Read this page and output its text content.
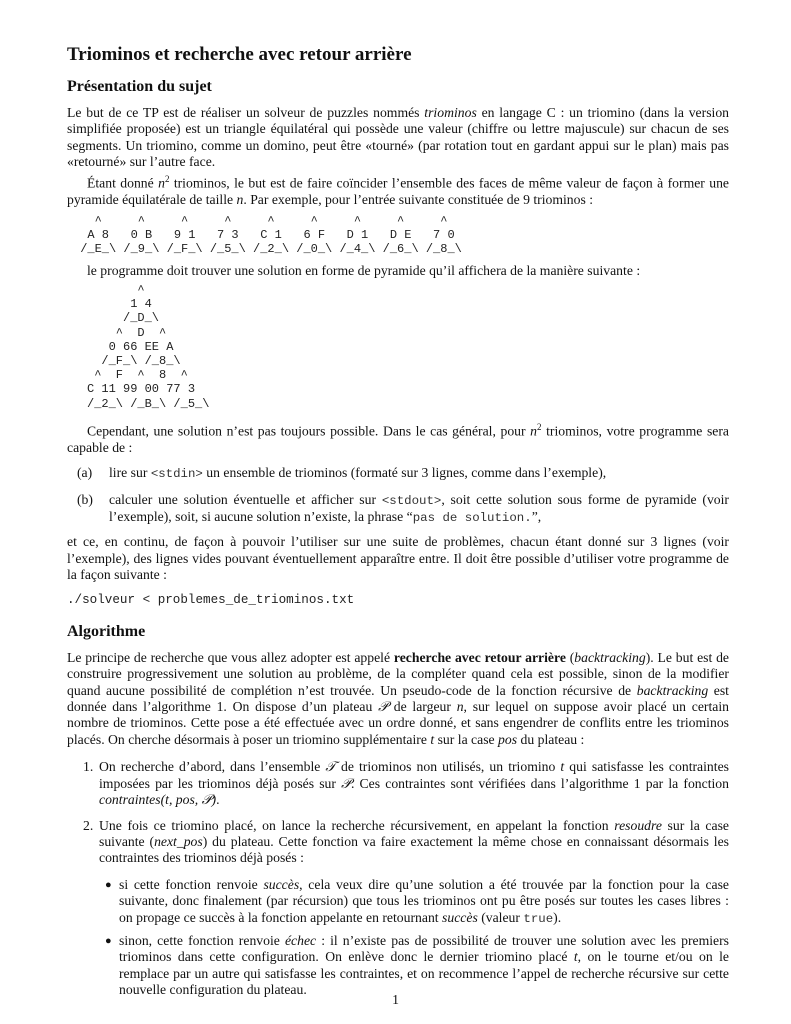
Triominos et recherche avec retour arrière
Présentation du sujet

Le but de ce TP est de réaliser un solveur de puzzles nommés triominos en langage C : un triomino (dans la version simplifiée proposée) est un triangle équilatéral qui possède une valeur (chiffre ou lettre majuscule) sur chacun de ses segments. Un triomino, comme un domino, peut être «tourné» (par rotation tout en gardant appui sur le plan) mais pas «retourné» sur l’autre face.

Étant donné $n^2$ triominos, le but est de faire coïncider l’ensemble des faces de même valeur de façon à former une pyramide équilatérale de taille n. Par exemple, pour l’entrée suivante constituée de 9 triominos :

^     ^     ^     ^     ^     ^     ^     ^     ^
A 8   0 B   9 1   7 3   C 1   6 F   D 1   D E   7 0
/_E_\ /_9_\ /_F_\ /_5_\ /_2_\ /_0_\ /_4_\ /_6_\ /_8_\

le programme doit trouver une solution en forme de pyramide qu’il affichera de la manière suivante :

^
1 4
/_D_\
^  D  ^
0 66 EE A
/_F_\ /_8_\
^  F  ^  8  ^
C 11 99 00 77 3
/_2_\ /_B_\ /_5_\

Cependant, une solution n’est pas toujours possible. Dans le cas général, pour $n^2$ triominos, votre programme sera capable de :

(a) lire sur <stdin> un ensemble de triominos (formaté sur 3 lignes, comme dans l’exemple),
(b) calculer une solution éventuelle et afficher sur <stdout>, soit cette solution sous forme de pyramide (voir l’exemple), soit, si aucune solution n’existe, la phrase “pas de solution.”,

et ce, en continu, de façon à pouvoir l’utiliser sur une suite de problèmes, chacun étant donné sur 3 lignes (voir l’exemple), des lignes vides pouvant éventuellement apparaître entre. Il doit être possible d’utiliser votre programme de la façon suivante :

./solveur < problemes_de_triominos.txt
Algorithme

Le principe de recherche que vous allez adopter est appelé recherche avec retour arrière (backtracking). Le but est de construire progressivement une solution au problème, de la compléter quand cela est possible, sinon de la modifier quand aucune possibilité de complétion n’est trouvée. Un pseudo-code de la fonction récursive de backtracking est donnée dans l’algorithme 1. On dispose d’un plateau 𝒫 de largeur n, sur lequel on suppose avoir placé un certain nombre de triominos. Cette pose a été effectuée avec un ordre donné, et sans engendrer de conflits entre les triominos placés. On cherche désormais à poser un triomino supplémentaire t sur la case pos du plateau :

1. On recherche d’abord, dans l’ensemble 𝒯 de triominos non utilisés, un triomino t qui satisfasse les contraintes imposées par les triominos déjà posés sur 𝒫. Ces contraintes sont vérifiées dans l’algorithme 1 par la fonction contraintes(t, pos, 𝒫).
2. Une fois ce triomino placé, on lance la recherche récursivement, en appelant la fonction resoudre sur la case suivante (next_pos) du plateau. Cette fonction va faire exactement la même chose en connaissant désormais les contraintes des triominos déjà posés :
● si cette fonction renvoie succès, cela veux dire qu’une solution a été trouvée par la fonction pour la case suivante, donc finalement (par récursion) que tous les triominos ont pu être posés sur toutes les cases libres : on propage ce succès à la fonction appelante en retournant succès (valeur true).
● sinon, cette fonction renvoie échec : il n’existe pas de possibilité de trouver une solution avec les premiers triominos dans cette configuration. On enlève donc le dernier triomino placé t, on le tourne et/ou on le remplace par un autre qui satisfasse les contraintes, et on recommence l’appel de recherche récursive sur cette nouvelle configuration du plateau.
1
